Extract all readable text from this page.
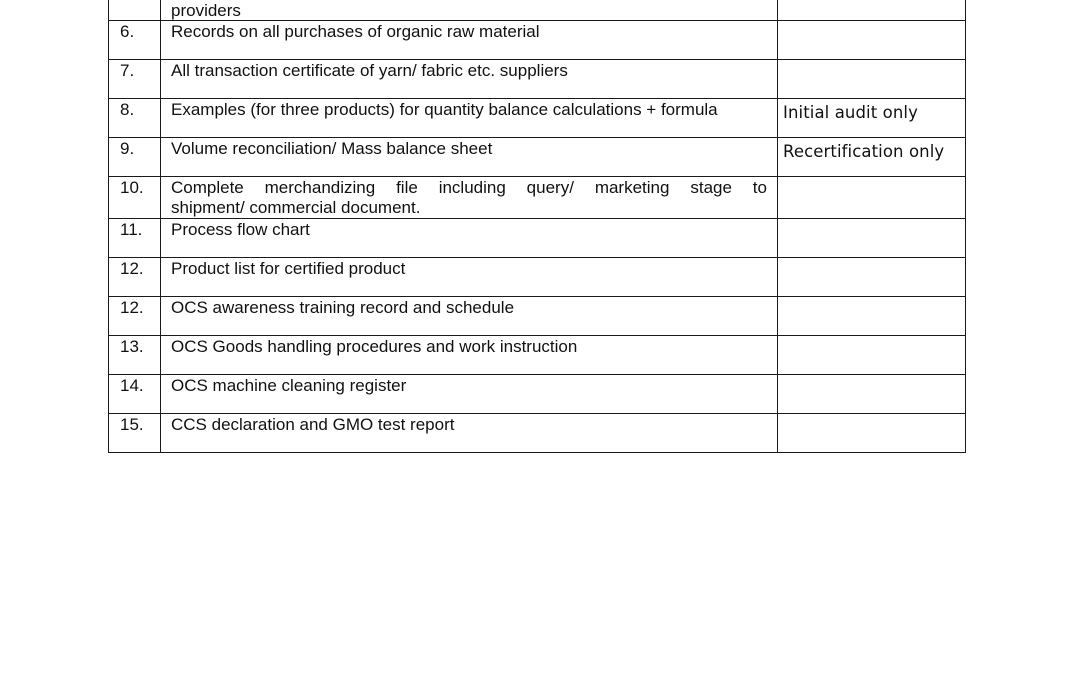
	providers	

6.	Records on all purchases of organic raw material	

7.	All transaction certificate of yarn/ fabric etc. suppliers	

8.	Examples (for three products) for quantity balance calculations + formula	Initial audit only

9.	Volume reconciliation/ Mass balance sheet	Recertification only

10.	Complete merchandizing file including query/ marketing stage to
shipment/ commercial document.	

11.	Process flow chart	

12.	Product list for certified product	

12.	OCS awareness training record and schedule	

13.	OCS Goods handling procedures and work instruction	

14.	OCS machine cleaning register	

15.	CCS declaration and GMO test report	
